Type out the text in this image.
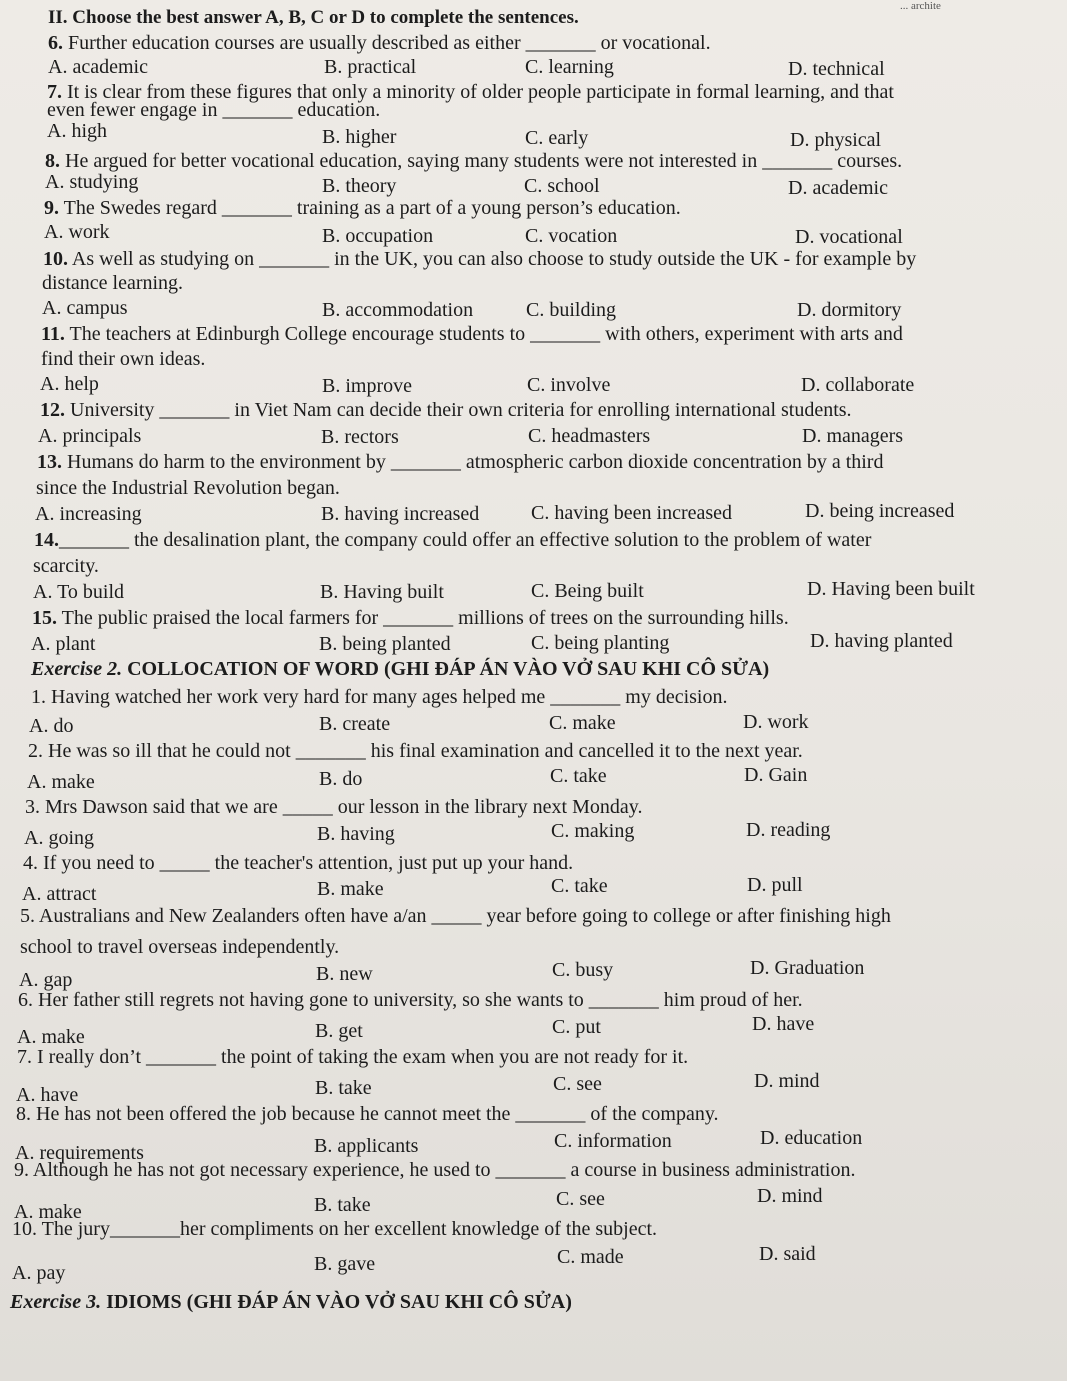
... archite
II. Choose the best answer A, B, C or D to complete the sentences.
6. Further education courses are usually described as either _______ or vocational.
A. academic	B. practical	C. learning	D. technical
7. It is clear from these figures that only a minority of older people participate in formal learning, and that
even fewer engage in _______ education.
A. high	B. higher	C. early	D. physical
8. He argued for better vocational education, saying many students were not interested in _______ courses.
A. studying	B. theory	C. school	D. academic
9. The Swedes regard _______ training as a part of a young person’s education.
A. work	B. occupation	C. vocation	D. vocational
10. As well as studying on _______ in the UK, you can also choose to study outside the UK - for example by
distance learning.
A. campus	B. accommodation	C. building	D. dormitory
11. The teachers at Edinburgh College encourage students to _______ with others, experiment with arts and
find their own ideas.
A. help	B. improve	C. involve	D. collaborate
12. University _______ in Viet Nam can decide their own criteria for enrolling international students.
A. principals	B. rectors	C. headmasters	D. managers
13. Humans do harm to the environment by _______ atmospheric carbon dioxide concentration by a third
since the Industrial Revolution began.
A. increasing	B. having increased	C. having been increased	D. being increased
14._______ the desalination plant, the company could offer an effective solution to the problem of water
scarcity.
A. To build	B. Having built	C. Being built	D. Having been built
15. The public praised the local farmers for _______ millions of trees on the surrounding hills.
A. plant	B. being planted	C. being planting	D. having planted
Exercise 2. COLLOCATION OF WORD (GHI ĐÁP ÁN VÀO VỞ SAU KHI CÔ SỬA)
1. Having watched her work very hard for many ages helped me _______ my decision.
A. do	B. create	C. make	D. work
2. He was so ill that he could not _______ his final examination and cancelled it to the next year.
A. make	B. do	C. take	D. Gain
3. Mrs Dawson said that we are _____ our lesson in the library next Monday.
A. going	B. having	C. making	D. reading
4. If you need to _____ the teacher's attention, just put up your hand.
A. attract	B. make	C. take	D. pull
5. Australians and New Zealanders often have a/an _____ year before going to college or after finishing high
school to travel overseas independently.
A. gap	B. new	C. busy	D. Graduation
6. Her father still regrets not having gone to university, so she wants to _______ him proud of her.
A. make	B. get	C. put	D. have
7. I really don’t _______ the point of taking the exam when you are not ready for it.
A. have	B. take	C. see	D. mind
8. He has not been offered the job because he cannot meet the _______ of the company.
A. requirements	B. applicants	C. information	D. education
9. Although he has not got necessary experience, he used to _______ a course in business administration.
A. make	B. take	C. see	D. mind
10. The jury_______her compliments on her excellent knowledge of the subject.
A. pay	B. gave	C. made	D. said
Exercise 3. IDIOMS (GHI ĐÁP ÁN VÀO VỞ SAU KHI CÔ SỬA)
